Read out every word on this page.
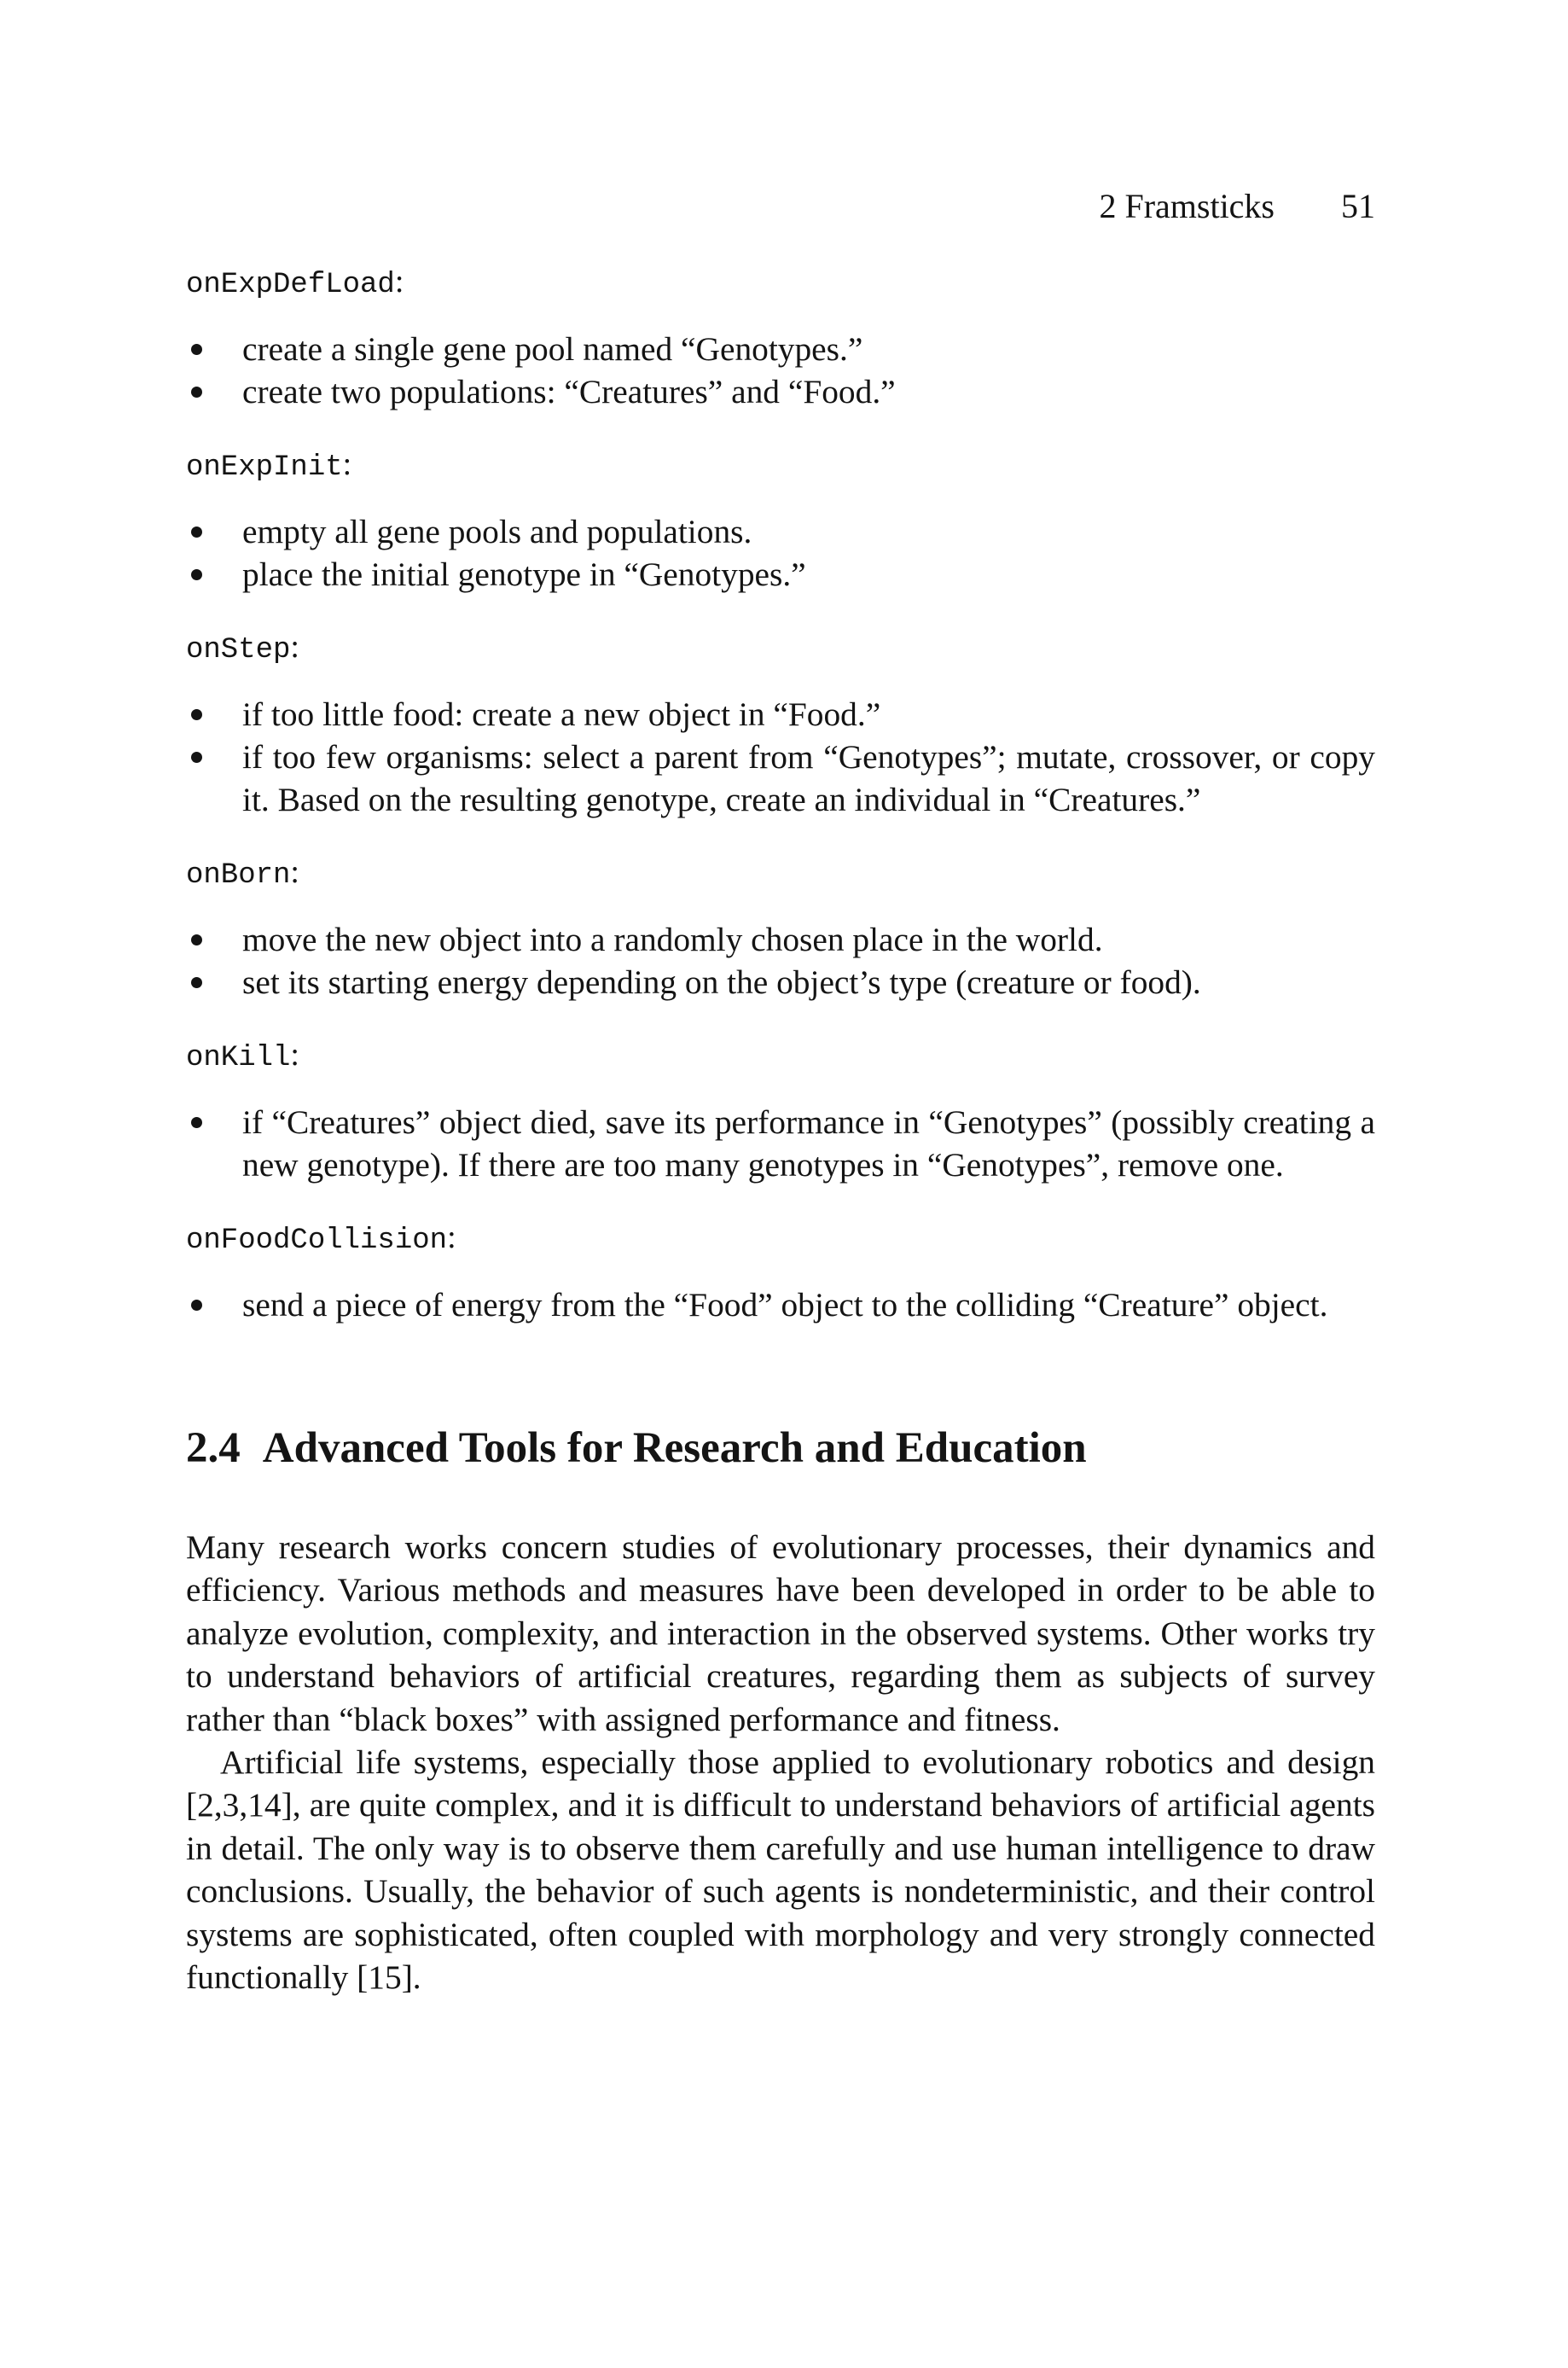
2 Framsticks 51
onExpDefLoad:
create a single gene pool named “Genotypes.”
create two populations: “Creatures” and “Food.”
onExpInit:
empty all gene pools and populations.
place the initial genotype in “Genotypes.”
onStep:
if too little food: create a new object in “Food.”
if too few organisms: select a parent from “Genotypes”; mutate, crossover, or copy it. Based on the resulting genotype, create an individual in “Creatures.”
onBorn:
move the new object into a randomly chosen place in the world.
set its starting energy depending on the object’s type (creature or food).
onKill:
if “Creatures” object died, save its performance in “Genotypes” (possibly creating a new genotype). If there are too many genotypes in “Genotypes”, remove one.
onFoodCollision:
send a piece of energy from the “Food” object to the colliding “Creature” object.
2.4 Advanced Tools for Research and Education

Many research works concern studies of evolutionary processes, their dynamics and efficiency. Various methods and measures have been developed in order to be able to analyze evolution, complexity, and interaction in the observed systems. Other works try to understand behaviors of artificial creatures, regarding them as subjects of survey rather than “black boxes” with assigned performance and fitness.

Artificial life systems, especially those applied to evolutionary robotics and design [2,3,14], are quite complex, and it is difficult to understand behaviors of artificial agents in detail. The only way is to observe them carefully and use human intelligence to draw conclusions. Usually, the behavior of such agents is nondeterministic, and their control systems are sophisticated, often coupled with morphology and very strongly connected functionally [15].
